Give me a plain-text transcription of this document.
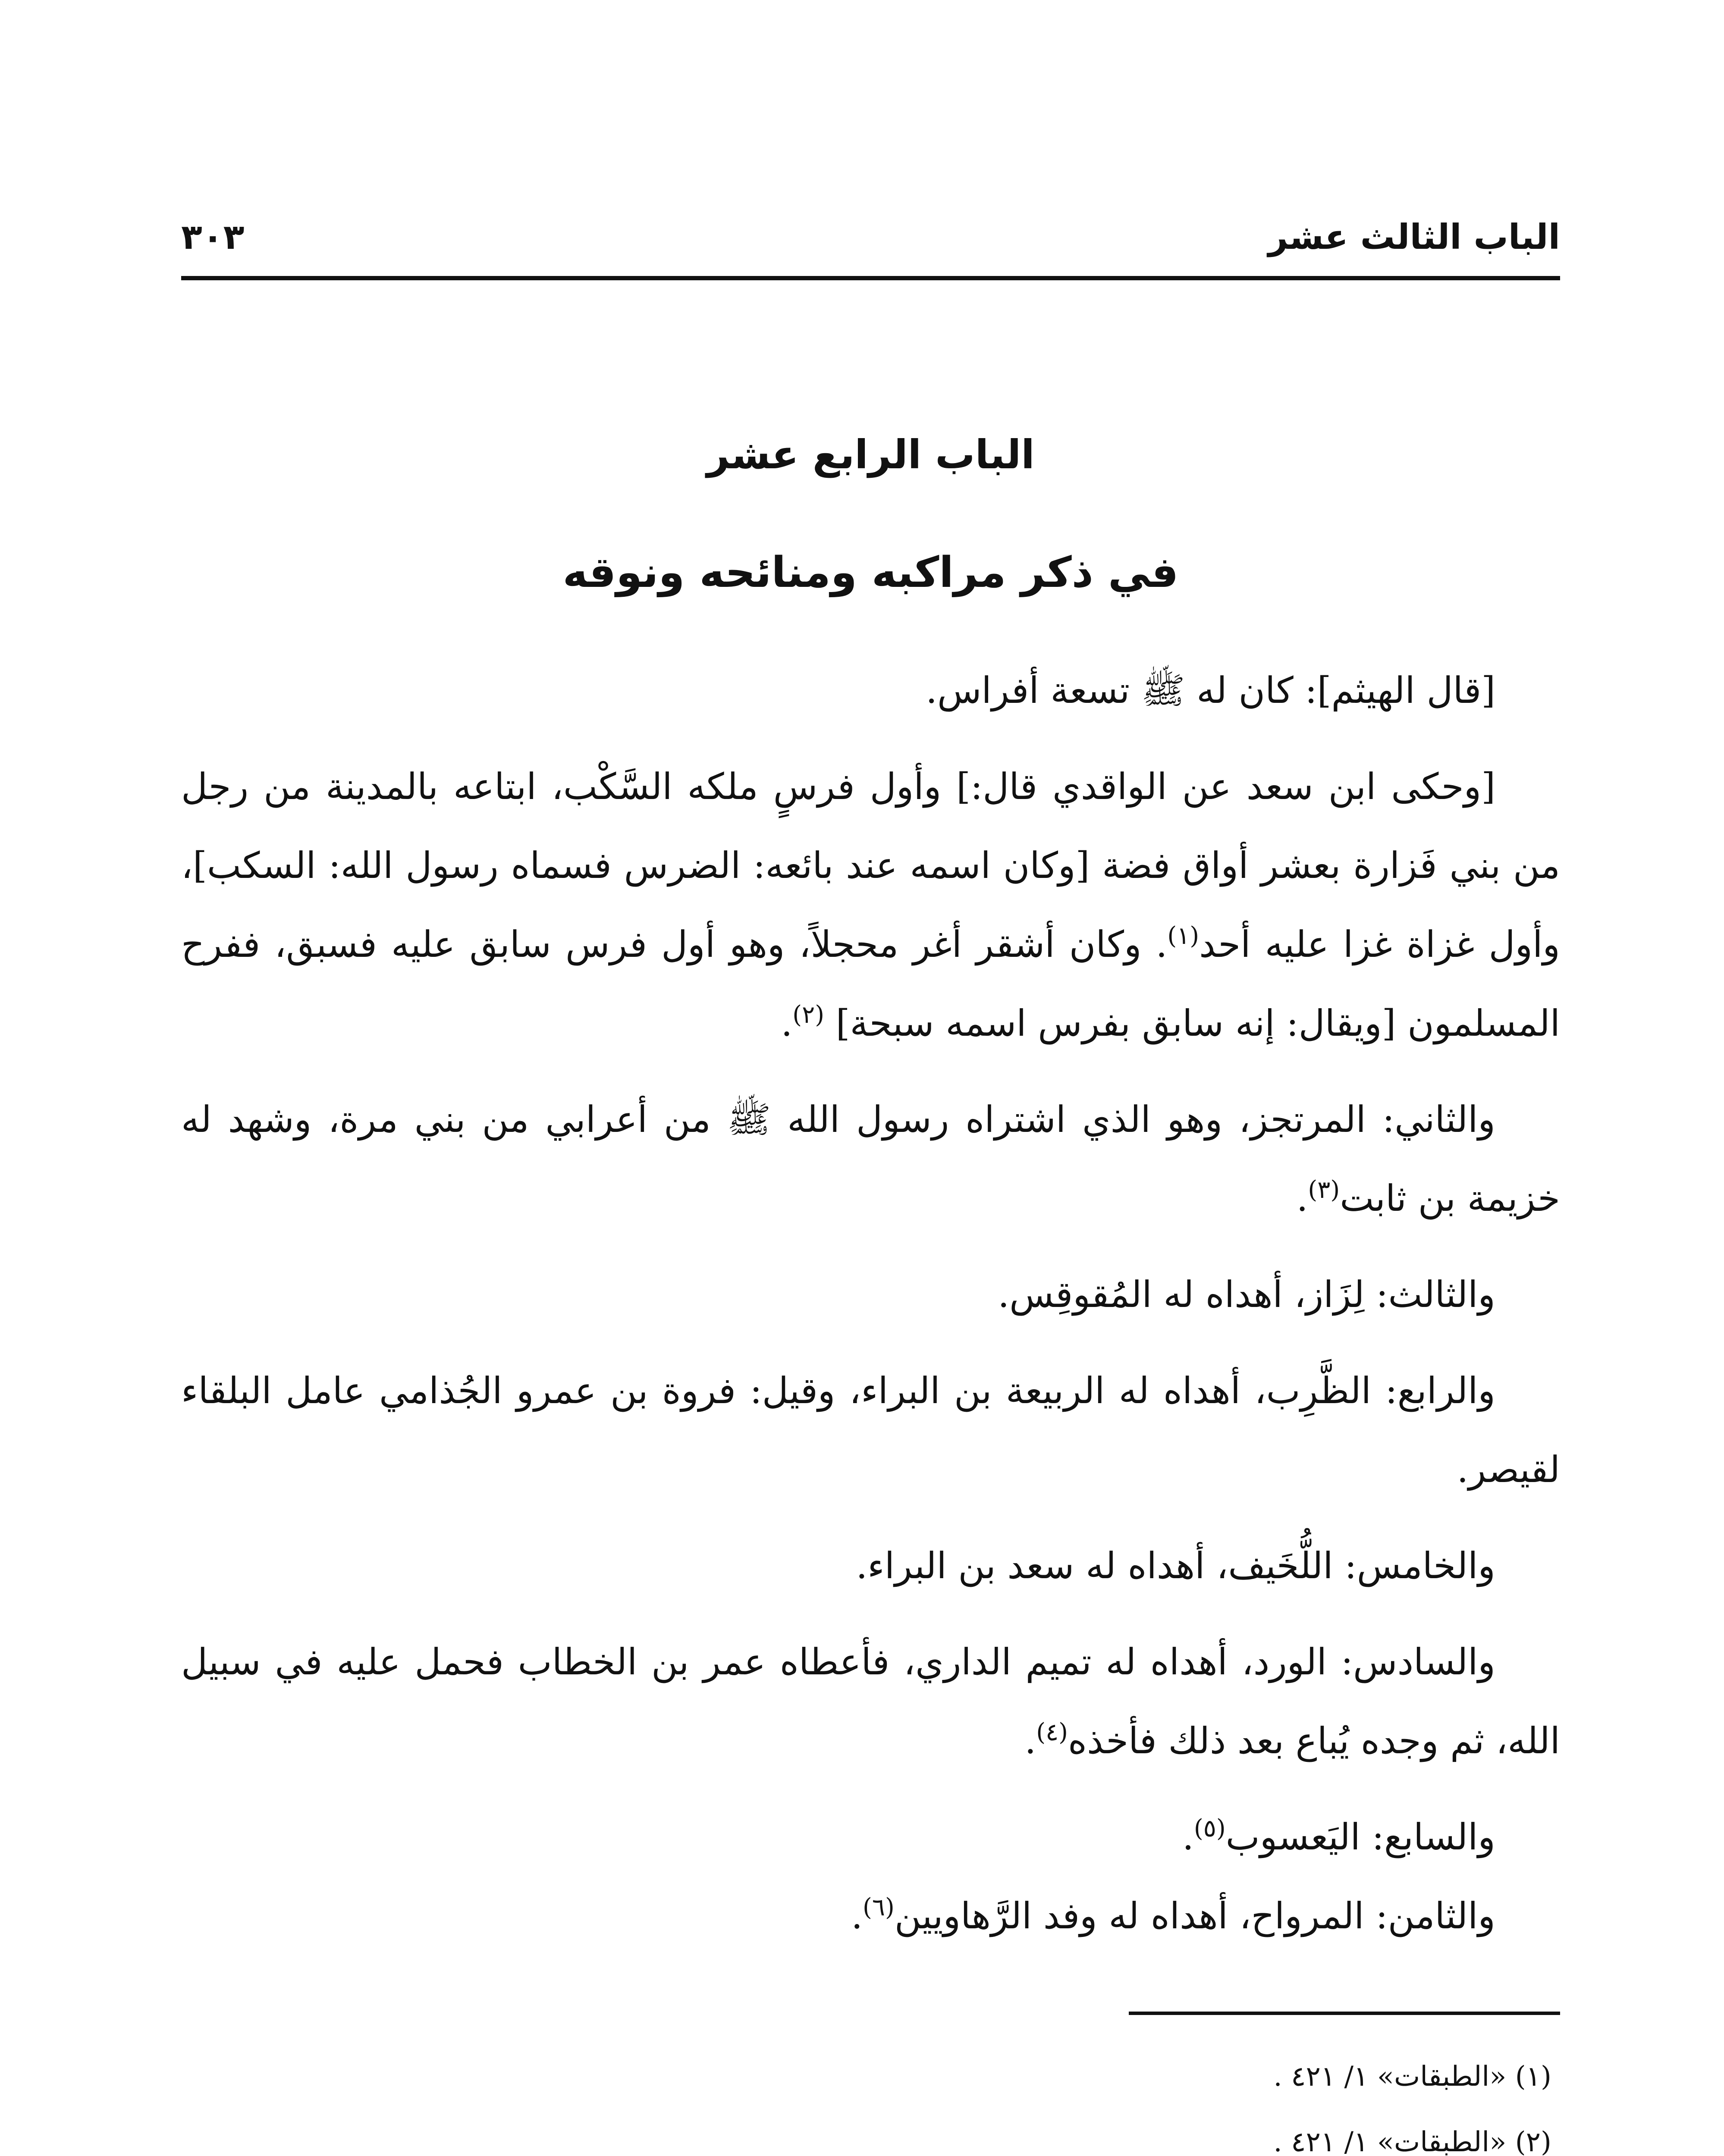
الباب الثالث عشر
٣٠٣
الباب الرابع عشر
في ذكر مراكبه ومنائحه ونوقه

[قال الهيثم]: كان له ﷺ تسعة أفراس.

[وحكى ابن سعد عن الواقدي قال:] وأول فرسٍ ملكه السَّكْب، ابتاعه بالمدينة من رجل من بني فَزارة بعشر أواق فضة [وكان اسمه عند بائعه: الضرس فسماه رسول الله: السكب]، وأول غزاة غزا عليه أحد$^{(١)}$. وكان أشقر أغر محجلاً، وهو أول فرس سابق عليه فسبق، ففرح المسلمون [ويقال: إنه سابق بفرس اسمه سبحة] $^{(٢)}$.

والثاني: المرتجز، وهو الذي اشتراه رسول الله ﷺ من أعرابي من بني مرة، وشهد له خزيمة بن ثابت$^{(٣)}$.

والثالث: لِزَاز، أهداه له المُقوقِس.

والرابع: الظَّرِب، أهداه له الربيعة بن البراء، وقيل: فروة بن عمرو الجُذامي عامل البلقاء لقيصر.

والخامس: اللُّخَيف، أهداه له سعد بن البراء.

والسادس: الورد، أهداه له تميم الداري، فأعطاه عمر بن الخطاب فحمل عليه في سبيل الله، ثم وجده يُباع بعد ذلك فأخذه$^{(٤)}$.

والسابع: اليَعسوب$^{(٥)}$.

والثامن: المرواح، أهداه له وفد الرَّهاويين$^{(٦)}$.

(١) «الطبقات» ١/ ٤٢١ .
(٢) «الطبقات» ١/ ٤٢١ .
